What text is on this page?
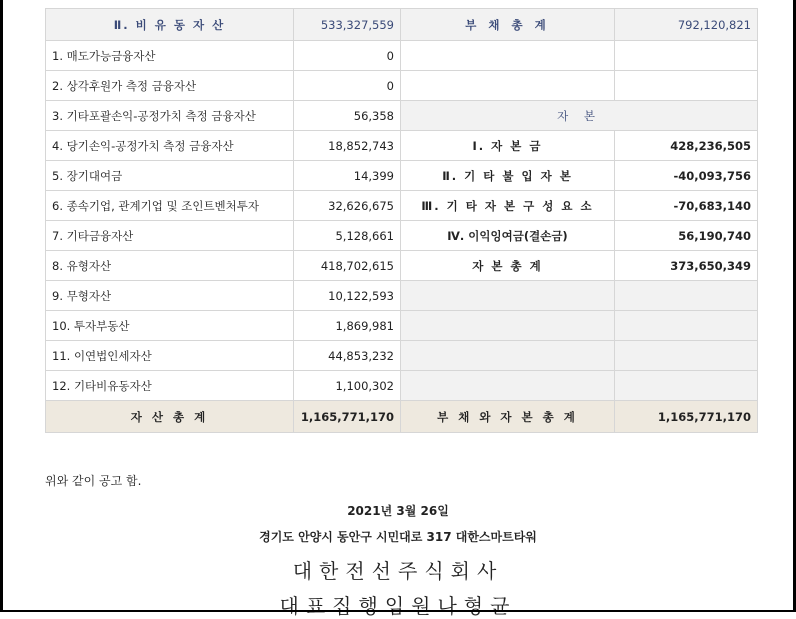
Ⅱ. 비 유 동 자 산	533,327,559	부 채 총 계	792,120,821
1. 매도가능금융자산	0		
2. 상각후원가 측정 금융자산	0		
3. 기타포괄손익-공정가치 측정 금융자산	56,358	자 본	
4. 당기손익-공정가치 측정 금융자산	18,852,743	Ⅰ. 자 본 금	428,236,505
5. 장기대여금	14,399	Ⅱ. 기 타 불 입 자 본	-40,093,756
6. 종속기업, 관계기업 및 조인트벤처투자	32,626,675	Ⅲ. 기 타 자 본 구 성 요 소	-70,683,140
7. 기타금융자산	5,128,661	Ⅳ. 이익잉여금(결손금)	56,190,740
8. 유형자산	418,702,615	자 본 총 계	373,650,349
9. 무형자산	10,122,593		
10. 투자부동산	1,869,981		
11. 이연법인세자산	44,853,232		
12. 기타비유동자산	1,100,302		
자 산 총 계	1,165,771,170	부 채 와 자 본 총 계	1,165,771,170
위와 같이 공고 함.
2021년 3월 26일
경기도 안양시 동안구 시민대로 317 대한스마트타워
대한전선주식회사
대표집행임원나형균
